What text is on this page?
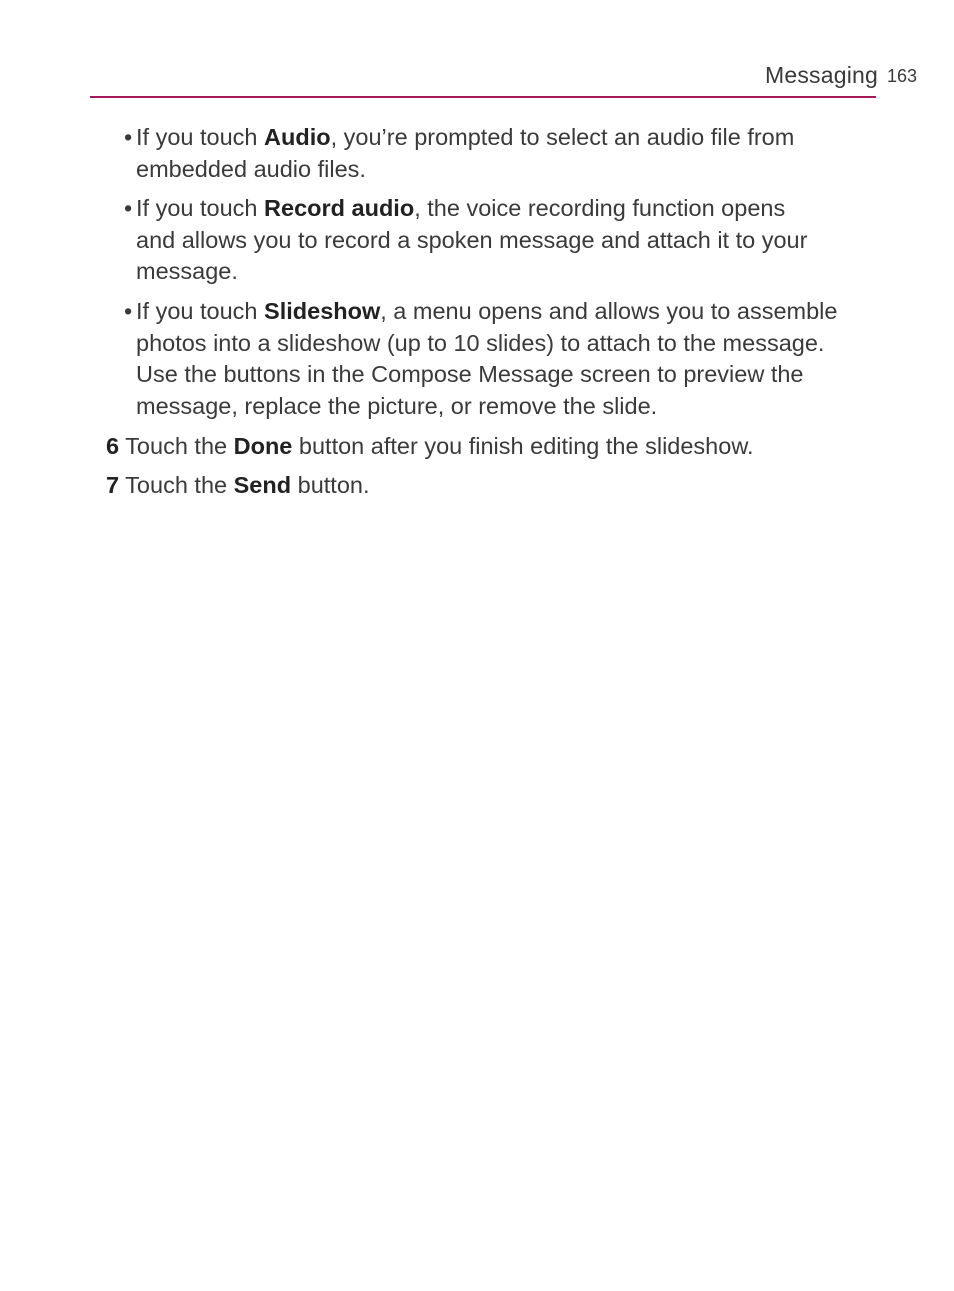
Messaging 163
• If you touch Audio, you’re prompted to select an audio file from
embedded audio files.
• If you touch Record audio, the voice recording function opens
and allows you to record a spoken message and attach it to your
message.
• If you touch Slideshow, a menu opens and allows you to assemble
photos into a slideshow (up to 10 slides) to attach to the message.
Use the buttons in the Compose Message screen to preview the
message, replace the picture, or remove the slide.
6 Touch the Done button after you finish editing the slideshow.
7 Touch the Send button.
